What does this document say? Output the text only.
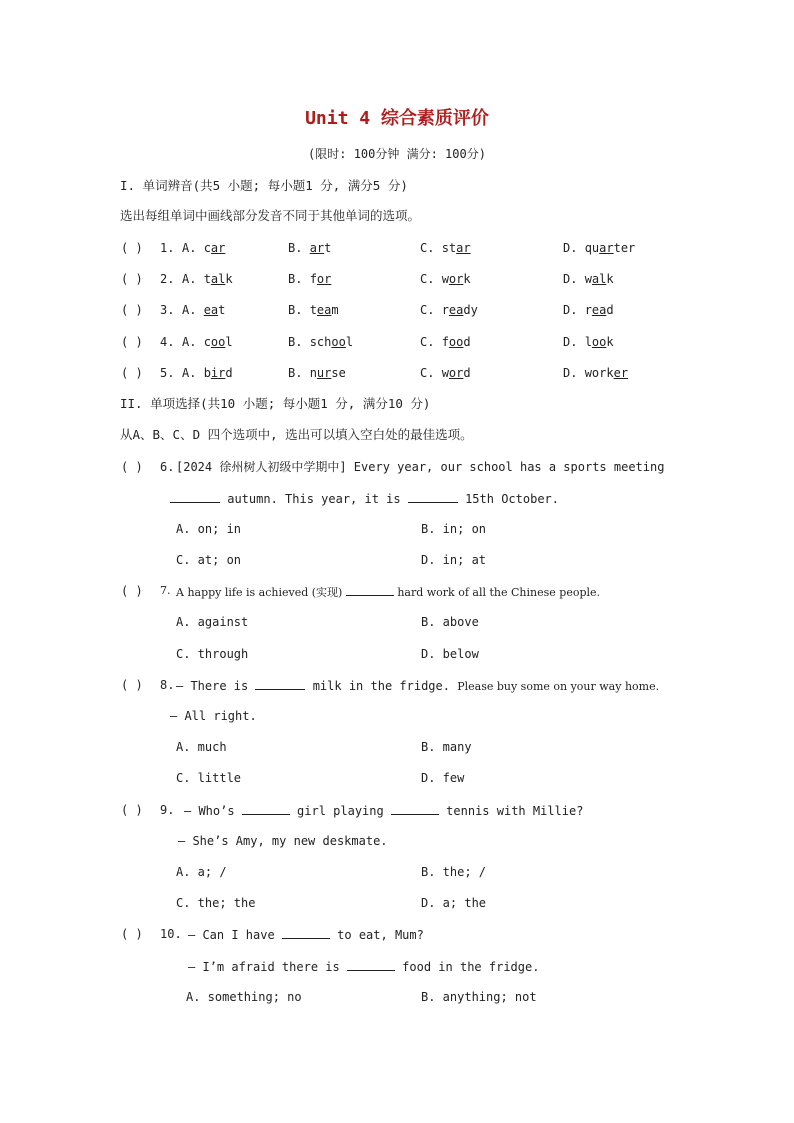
Unit 4 综合素质评价
(限时: 100分钟 满分: 100分)
I. 单词辨音(共5 小题; 每小题1 分, 满分5 分)
选出每组单词中画线部分发音不同于其他单词的选项。
( ) 1. A. car	B. art	C. star	D. quarter
( ) 2. A. talk	B. for	C. work	D. walk
( ) 3. A. eat	B. team	C. ready	D. read
( ) 4. A. cool	B. school	C. food	D. look
( ) 5. A. bird	B. nurse	C. word	D. worker
II. 单项选择(共10 小题; 每小题1 分, 满分10 分)
从A、B、C、D 四个选项中, 选出可以填入空白处的最佳选项。
( ) 6. [2024 徐州树人初级中学期中] Every year, our school has a sports meeting
autumn. This year, it is	15th October.
A. on; in	B. in; on
C. at; on	D. in; at
( ) 7. A happy life is achieved (实现)	hard work of all the Chinese people.
A. against	B. above
C. through	D. below
( ) 8. — There is	milk in the fridge. Please buy some on your way home.
— All right.
A. much	B. many
C. little	D. few
( ) 9. — Who’s	girl playing	tennis with Millie?
— She’s Amy, my new deskmate.
A. a; /	B. the; /
C. the; the	D. a; the
( ) 10. — Can I have	to eat, Mum?
— I’m afraid there is	food in the fridge.
A. something; no	B. anything; not
